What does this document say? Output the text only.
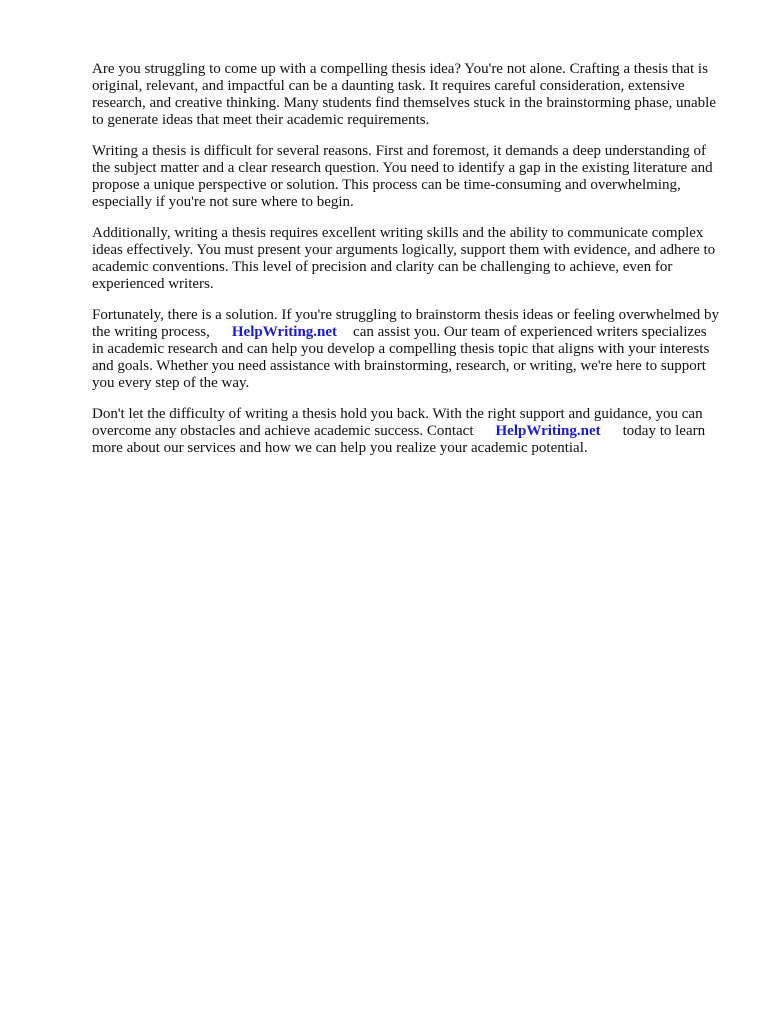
Are you struggling to come up with a compelling thesis idea? You're not alone. Crafting a thesis that is original, relevant, and impactful can be a daunting task. It requires careful consideration, extensive research, and creative thinking. Many students find themselves stuck in the brainstorming phase, unable to generate ideas that meet their academic requirements.

Writing a thesis is difficult for several reasons. First and foremost, it demands a deep understanding of the subject matter and a clear research question. You need to identify a gap in the existing literature and propose a unique perspective or solution. This process can be time-consuming and overwhelming, especially if you're not sure where to begin.

Additionally, writing a thesis requires excellent writing skills and the ability to communicate complex ideas effectively. You must present your arguments logically, support them with evidence, and adhere to academic conventions. This level of precision and clarity can be challenging to achieve, even for experienced writers.

Fortunately, there is a solution. If you're struggling to brainstorm thesis ideas or feeling overwhelmed by the writing process, HelpWriting.net can assist you. Our team of experienced writers specializes in academic research and can help you develop a compelling thesis topic that aligns with your interests and goals. Whether you need assistance with brainstorming, research, or writing, we're here to support you every step of the way.

Don't let the difficulty of writing a thesis hold you back. With the right support and guidance, you can overcome any obstacles and achieve academic success. Contact HelpWriting.net today to learn more about our services and how we can help you realize your academic potential.
